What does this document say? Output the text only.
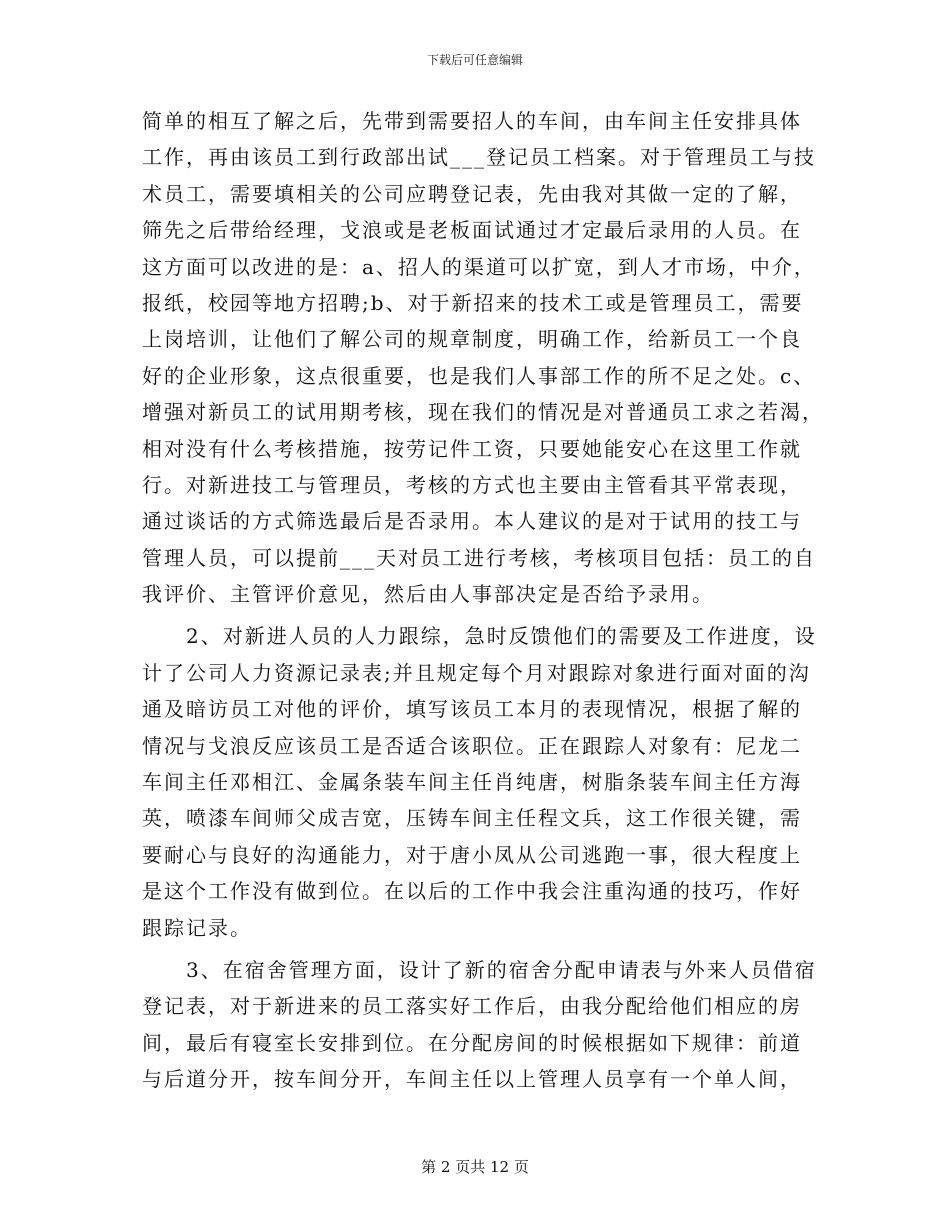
下载后可任意编辑
简单的相互了解之后，先带到需要招人的车间，由车间主任安排具体
工作，再由该员工到行政部出试___登记员工档案。对于管理员工与技
术员工，需要填相关的公司应聘登记表，先由我对其做一定的了解，
筛先之后带给经理，戈浪或是老板面试通过才定最后录用的人员。在
这方面可以改进的是：a、招人的渠道可以扩宽，到人才市场，中介，
报纸，校园等地方招聘;b、对于新招来的技术工或是管理员工，需要
上岗培训，让他们了解公司的规章制度，明确工作，给新员工一个良
好的企业形象，这点很重要，也是我们人事部工作的所不足之处。c、
增强对新员工的试用期考核，现在我们的情况是对普通员工求之若渴，
相对没有什么考核措施，按劳记件工资，只要她能安心在这里工作就
行。对新进技工与管理员，考核的方式也主要由主管看其平常表现，
通过谈话的方式筛选最后是否录用。本人建议的是对于试用的技工与
管理人员，可以提前___天对员工进行考核，考核项目包括：员工的自
我评价、主管评价意见，然后由人事部决定是否给予录用。
　　2、对新进人员的人力跟综，急时反馈他们的需要及工作进度，设
计了公司人力资源记录表;并且规定每个月对跟踪对象进行面对面的沟
通及暗访员工对他的评价，填写该员工本月的表现情况，根据了解的
情况与戈浪反应该员工是否适合该职位。正在跟踪人对象有：尼龙二
车间主任邓相江、金属条装车间主任肖纯唐，树脂条装车间主任方海
英，喷漆车间师父成吉宽，压铸车间主任程文兵，这工作很关键，需
要耐心与良好的沟通能力，对于唐小凤从公司逃跑一事，很大程度上
是这个工作没有做到位。在以后的工作中我会注重沟通的技巧，作好
跟踪记录。
　　3、在宿舍管理方面，设计了新的宿舍分配申请表与外来人员借宿
登记表，对于新进来的员工落实好工作后，由我分配给他们相应的房
间，最后有寝室长安排到位。在分配房间的时候根据如下规律：前道
与后道分开，按车间分开，车间主任以上管理人员享有一个单人间，
第 2 页共 12 页
